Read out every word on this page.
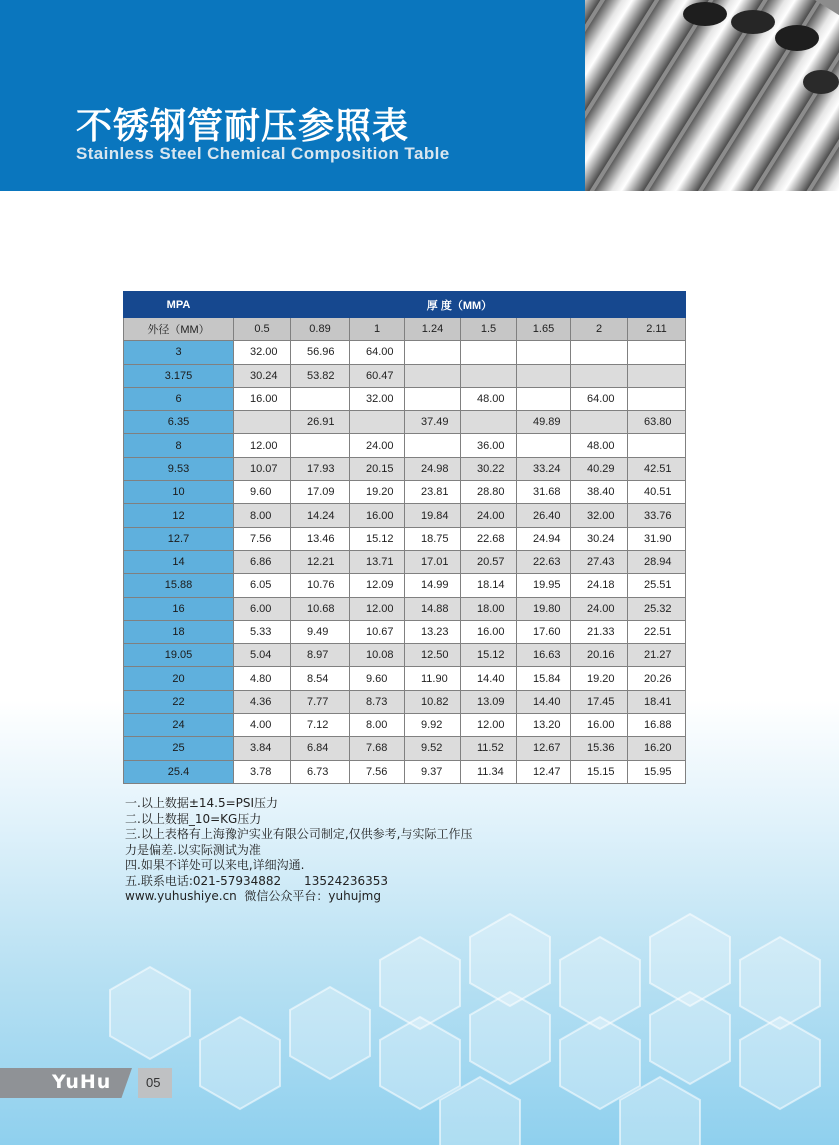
不锈钢管耐压参照表
Stainless Steel Chemical Composition Table
MPA	厚 度（MM）							
外径（MM）	0.5	0.89	1	1.24	1.5	1.65	2	2.11
3	32.00	56.96	64.00					
3.175	30.24	53.82	60.47					
6	16.00		32.00		48.00		64.00	
6.35		26.91		37.49		49.89		63.80
8	12.00		24.00		36.00		48.00	
9.53	10.07	17.93	20.15	24.98	30.22	33.24	40.29	42.51
10	9.60	17.09	19.20	23.81	28.80	31.68	38.40	40.51
12	8.00	14.24	16.00	19.84	24.00	26.40	32.00	33.76
12.7	7.56	13.46	15.12	18.75	22.68	24.94	30.24	31.90
14	6.86	12.21	13.71	17.01	20.57	22.63	27.43	28.94
15.88	6.05	10.76	12.09	14.99	18.14	19.95	24.18	25.51
16	6.00	10.68	12.00	14.88	18.00	19.80	24.00	25.32
18	5.33	9.49	10.67	13.23	16.00	17.60	21.33	22.51
19.05	5.04	8.97	10.08	12.50	15.12	16.63	20.16	21.27
20	4.80	8.54	9.60	11.90	14.40	15.84	19.20	20.26
22	4.36	7.77	8.73	10.82	13.09	14.40	17.45	18.41
24	4.00	7.12	8.00	9.92	12.00	13.20	16.00	16.88
25	3.84	6.84	7.68	9.52	11.52	12.67	15.36	16.20
25.4	3.78	6.73	7.56	9.37	11.34	12.47	15.15	15.95
一.以上数据±14.5=PSI压力
二.以上数据_10=KG压力
三.以上表格有上海豫沪实业有限公司制定,仅供参考,与实际工作压
力是偏差.以实际测试为准
四.如果不详处可以来电,详细沟通.
五.联系电话:021-57934882      13524236353
www.yuhushiye.cn  微信公众平台：yuhujmg
YuHu	05
